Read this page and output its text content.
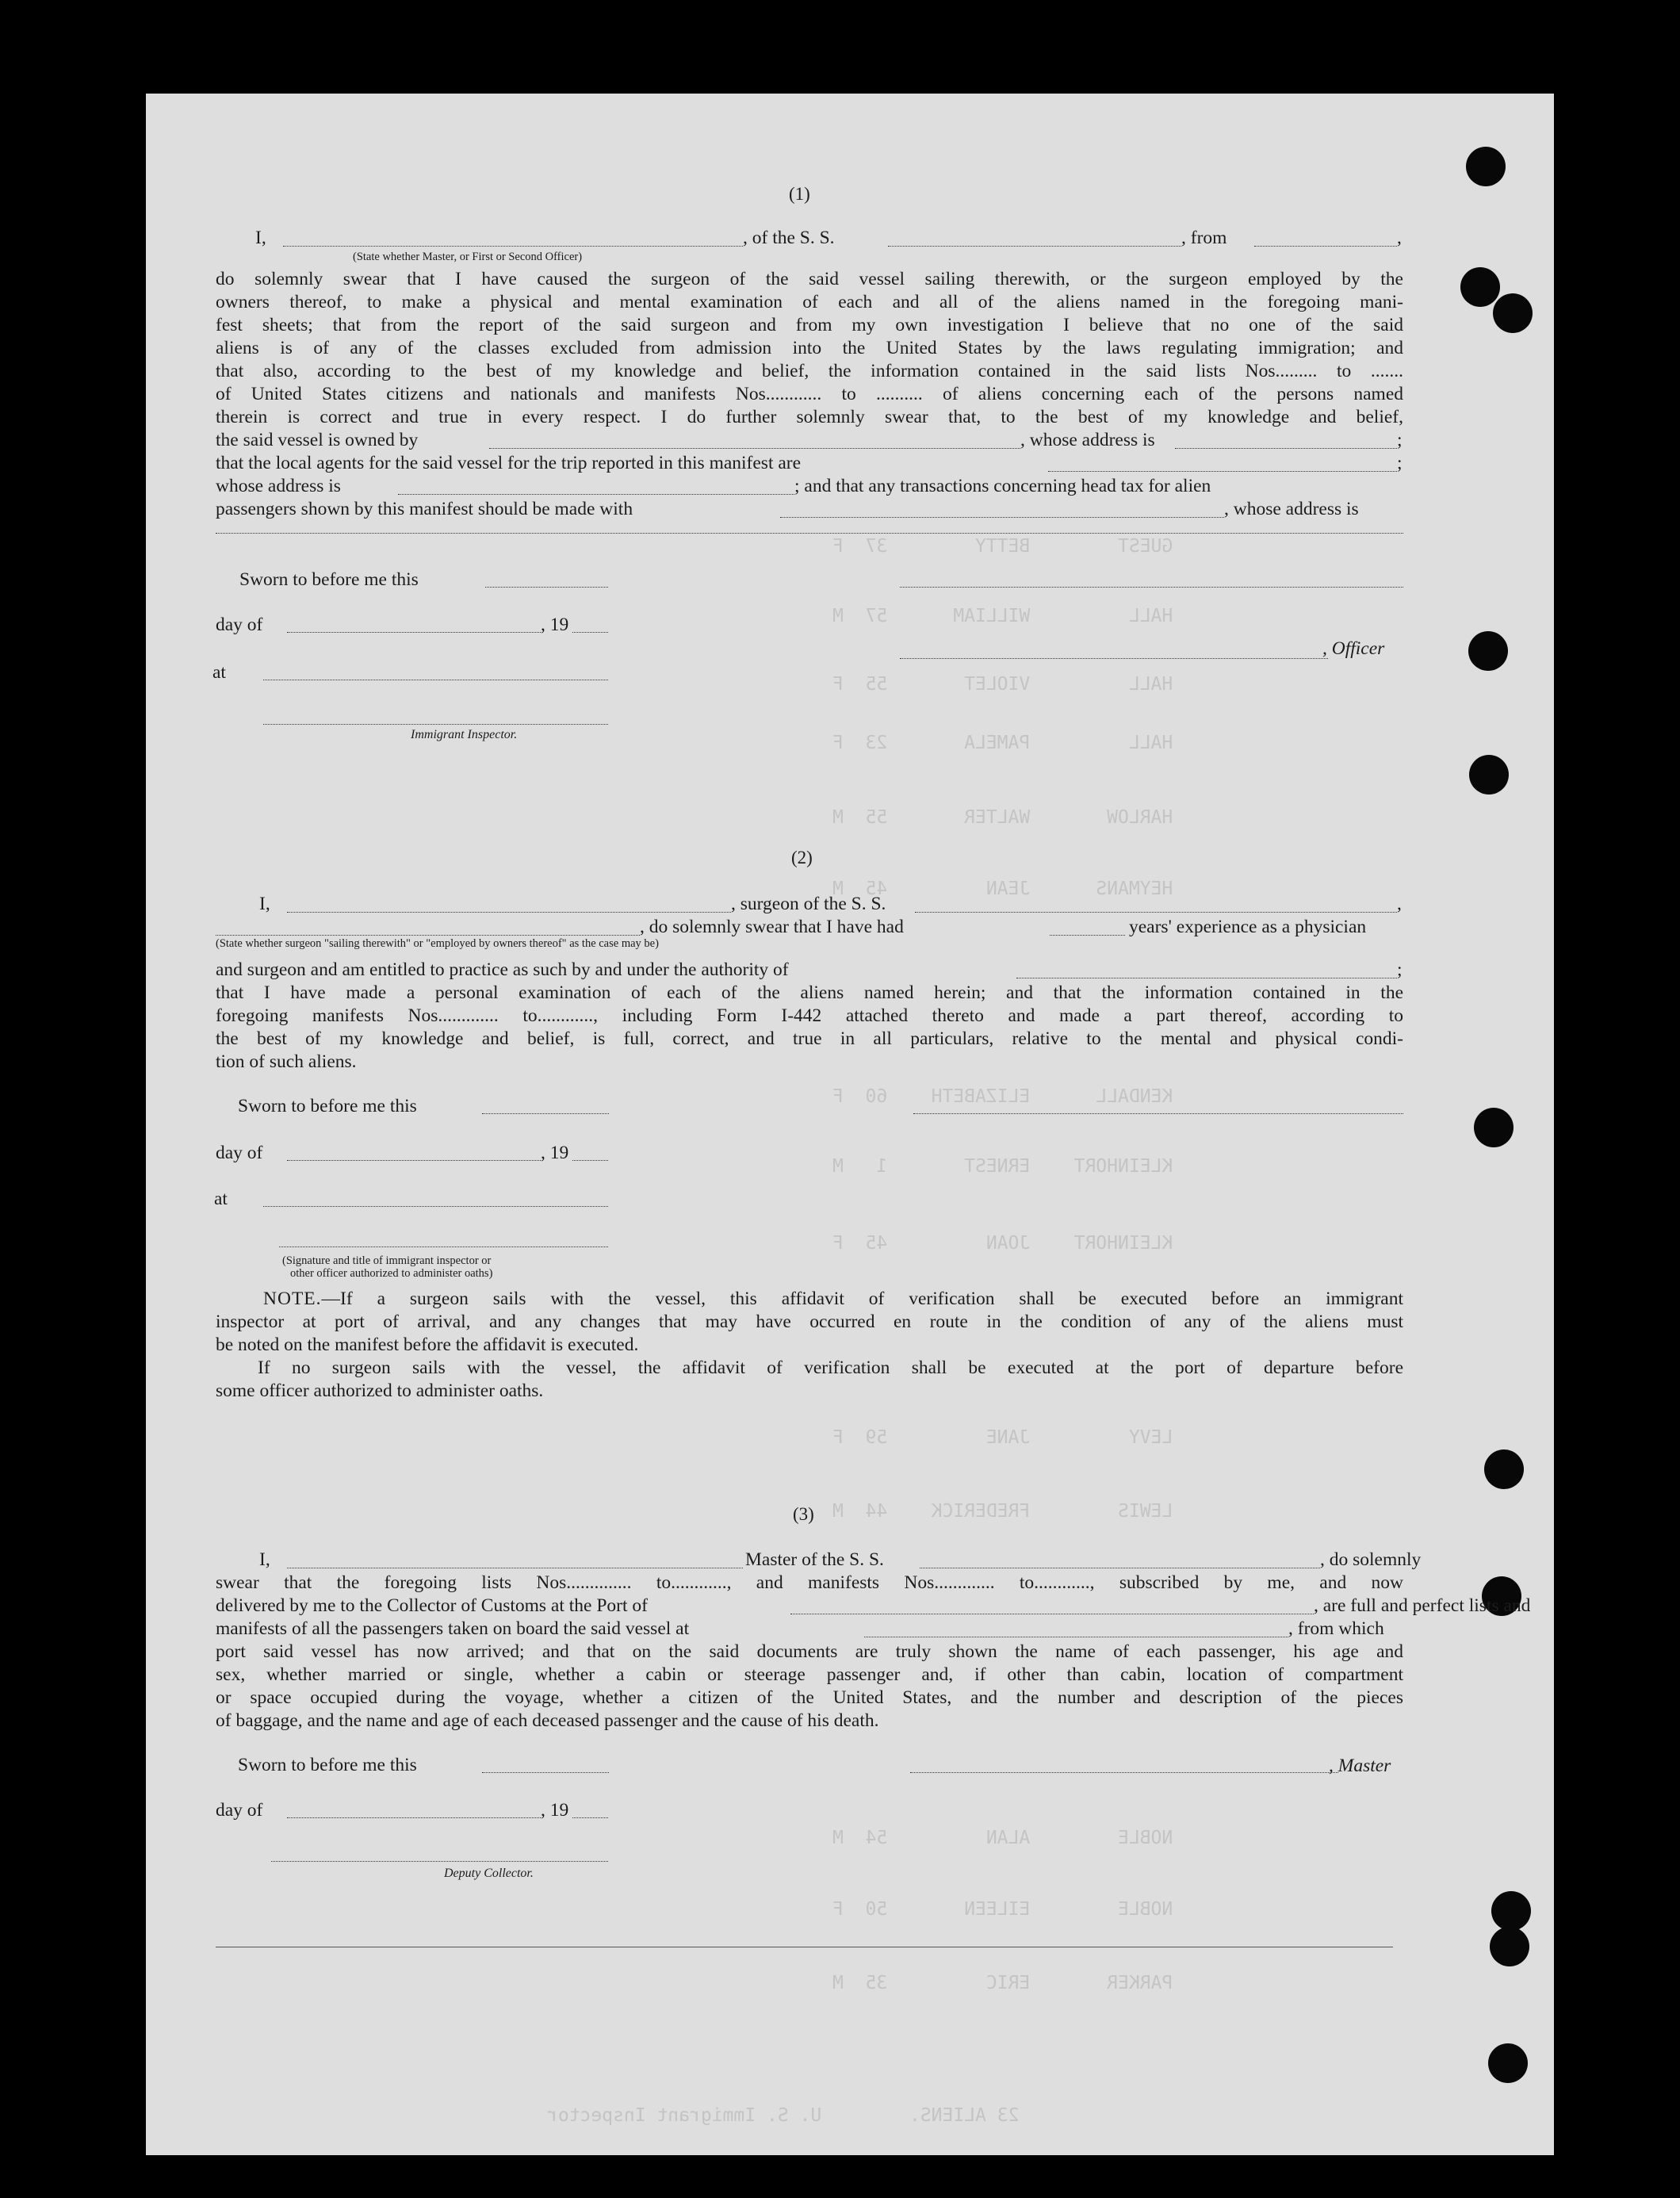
GUEST        BETTY        37  F
HALL         WILLIAM      57  M
HALL         VIOLET       55  F
HALL         PAMELA       23  F
HARLOW       WALTER       55  M
HEYMANS      JEAN         45  M
KENDALL      ELIZABETH    60  F
KLEINHORT    ERNEST       1   M
KLEINHORT    JOAN         45  F
LEVY         JANE         59  F
LEWIS        FREDERICK    44  M
NOBLE        ALAN         54  M
NOBLE        EILEEN       50  F
PARKER       ERIC         35  M
23 ALIENS.        U. S. Immigrant Inspector
(1)
I,	, of the S. S.	, from	,
(State whether Master, or First or Second Officer)
do solemnly swear that I have caused the surgeon of the said vessel sailing therewith, or the surgeon employed by the
owners thereof, to make a physical and mental examination of each and all of the aliens named in the foregoing mani-
fest sheets; that from the report of the said surgeon and from my own investigation I believe that no one of the said
aliens is of any of the classes excluded from admission into the United States by the laws regulating immigration; and
that also, according to the best of my knowledge and belief, the information contained in the said lists Nos......... to .......
of United States citizens and nationals and manifests Nos............ to .......... of aliens concerning each of the persons named
therein is correct and true in every respect. I do further solemnly swear that, to the best of my knowledge and belief,
the said vessel is owned by	, whose address is	;
that the local agents for the said vessel for the trip reported in this manifest are	;
whose address is	; and that any transactions concerning head tax for alien
passengers shown by this manifest should be made with	, whose address is
Sworn to before me this
day of	, 19
at
, Officer
Immigrant Inspector.
(2)
I,	, surgeon of the S. S.	,
, do solemnly swear that I have had	years' experience as a physician
(State whether surgeon "sailing therewith" or "employed by owners thereof" as the case may be)
and surgeon and am entitled to practice as such by and under the authority of	;
that I have made a personal examination of each of the aliens named herein; and that the information contained in the
foregoing manifests Nos............. to............, including Form I-442 attached thereto and made a part thereof, according to
the best of my knowledge and belief, is full, correct, and true in all particulars, relative to the mental and physical condi-
tion of such aliens.
Sworn to before me this
day of	, 19
at
(Signature and title of immigrant inspector or
other officer authorized to administer oaths)
NOTE.—If a surgeon sails with the vessel, this affidavit of verification shall be executed before an immigrant
inspector at port of arrival, and any changes that may have occurred en route in the condition of any of the aliens must
be noted on the manifest before the affidavit is executed.
If no surgeon sails with the vessel, the affidavit of verification shall be executed at the port of departure before
some officer authorized to administer oaths.
(3)
I,	Master of the S. S.	, do solemnly
swear that the foregoing lists Nos.............. to............, and manifests Nos............. to............, subscribed by me, and now
delivered by me to the Collector of Customs at the Port of	, are full and perfect lists and
manifests of all the passengers taken on board the said vessel at	, from which
port said vessel has now arrived; and that on the said documents are truly shown the name of each passenger, his age and
sex, whether married or single, whether a cabin or steerage passenger and, if other than cabin, location of compartment
or space occupied during the voyage, whether a citizen of the United States, and the number and description of the pieces
of baggage, and the name and age of each deceased passenger and the cause of his death.
Sworn to before me this	, Master
day of	, 19
Deputy Collector.
